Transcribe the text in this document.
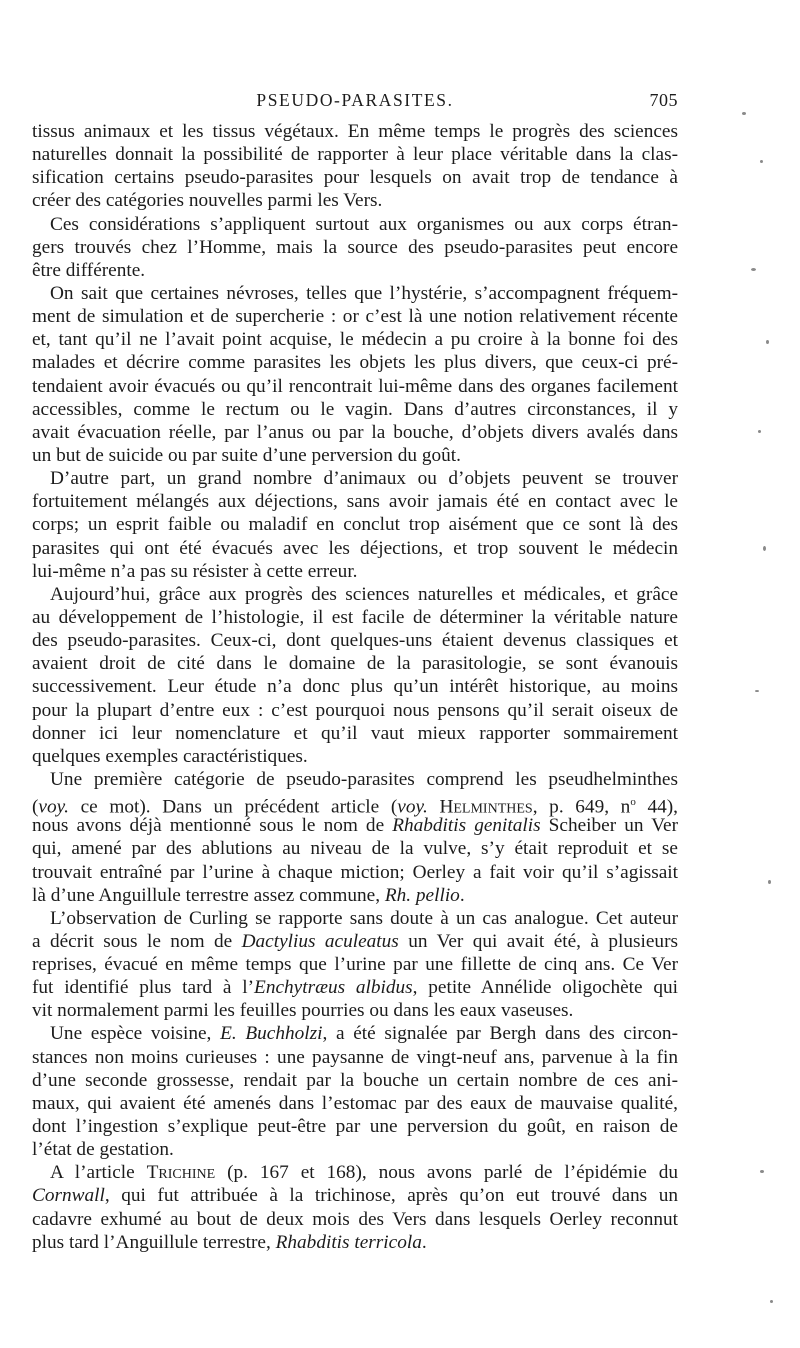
PSEUDO-PARASITES.	705
tissus animaux et les tissus végétaux. En même temps le progrès des sciences
naturelles donnait la possibilité de rapporter à leur place véritable dans la clas-
sification certains pseudo-parasites pour lesquels on avait trop de tendance à
créer des catégories nouvelles parmi les Vers.
Ces considérations s’appliquent surtout aux organismes ou aux corps étran-
gers trouvés chez l’Homme, mais la source des pseudo-parasites peut encore
être différente.
On sait que certaines névroses, telles que l’hystérie, s’accompagnent fréquem-
ment de simulation et de supercherie : or c’est là une notion relativement récente
et, tant qu’il ne l’avait point acquise, le médecin a pu croire à la bonne foi des
malades et décrire comme parasites les objets les plus divers, que ceux-ci pré-
tendaient avoir évacués ou qu’il rencontrait lui-même dans des organes facilement
accessibles, comme le rectum ou le vagin. Dans d’autres circonstances, il y
avait évacuation réelle, par l’anus ou par la bouche, d’objets divers avalés dans
un but de suicide ou par suite d’une perversion du goût.
D’autre part, un grand nombre d’animaux ou d’objets peuvent se trouver
fortuitement mélangés aux déjections, sans avoir jamais été en contact avec le
corps; un esprit faible ou maladif en conclut trop aisément que ce sont là des
parasites qui ont été évacués avec les déjections, et trop souvent le médecin
lui-même n’a pas su résister à cette erreur.
Aujourd’hui, grâce aux progrès des sciences naturelles et médicales, et grâce
au développement de l’histologie, il est facile de déterminer la véritable nature
des pseudo-parasites. Ceux-ci, dont quelques-uns étaient devenus classiques et
avaient droit de cité dans le domaine de la parasitologie, se sont évanouis
successivement. Leur étude n’a donc plus qu’un intérêt historique, au moins
pour la plupart d’entre eux : c’est pourquoi nous pensons qu’il serait oiseux de
donner ici leur nomenclature et qu’il vaut mieux rapporter sommairement
quelques exemples caractéristiques.
Une première catégorie de pseudo-parasites comprend les pseudhelminthes
(voy. ce mot). Dans un précédent article (voy. Helminthes, p. 649, $n^o$ 44),
nous avons déjà mentionné sous le nom de Rhabditis genitalis Scheiber un Ver
qui, amené par des ablutions au niveau de la vulve, s’y était reproduit et se
trouvait entraîné par l’urine à chaque miction; Oerley a fait voir qu’il s’agissait
là d’une Anguillule terrestre assez commune, Rh. pellio.
L’observation de Curling se rapporte sans doute à un cas analogue. Cet auteur
a décrit sous le nom de Dactylius aculeatus un Ver qui avait été, à plusieurs
reprises, évacué en même temps que l’urine par une fillette de cinq ans. Ce Ver
fut identifié plus tard à l’Enchytræus albidus, petite Annélide oligochète qui
vit normalement parmi les feuilles pourries ou dans les eaux vaseuses.
Une espèce voisine, E. Buchholzi, a été signalée par Bergh dans des circon-
stances non moins curieuses : une paysanne de vingt-neuf ans, parvenue à la fin
d’une seconde grossesse, rendait par la bouche un certain nombre de ces ani-
maux, qui avaient été amenés dans l’estomac par des eaux de mauvaise qualité,
dont l’ingestion s’explique peut-être par une perversion du goût, en raison de
l’état de gestation.
A l’article Trichine (p. 167 et 168), nous avons parlé de l’épidémie du
Cornwall, qui fut attribuée à la trichinose, après qu’on eut trouvé dans un
cadavre exhumé au bout de deux mois des Vers dans lesquels Oerley reconnut
plus tard l’Anguillule terrestre, Rhabditis terricola.
